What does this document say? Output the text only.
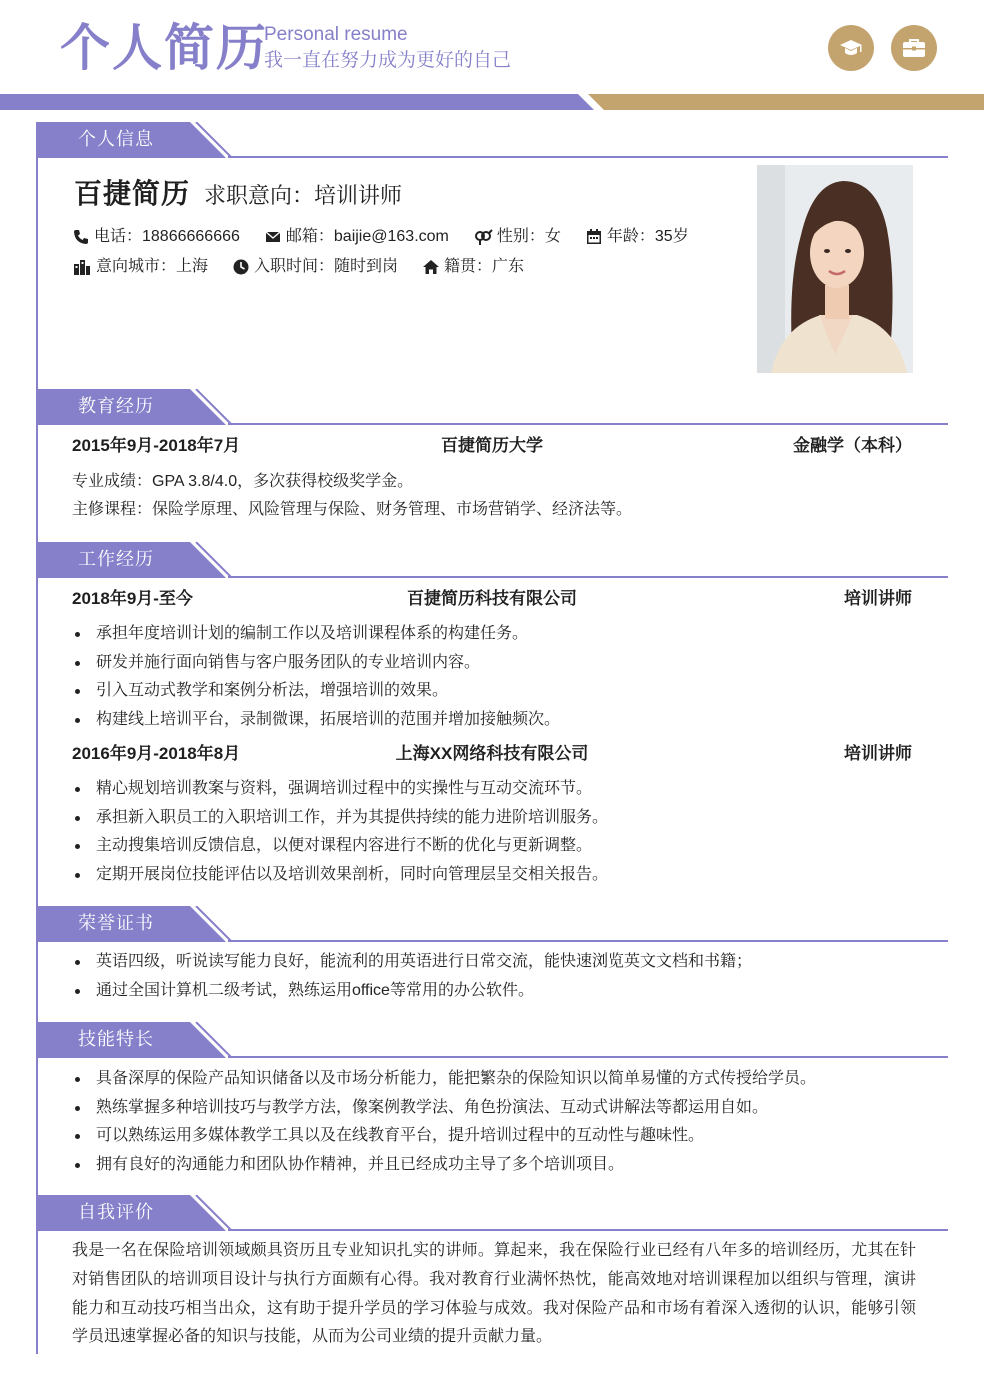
个人简历
Personal resume
我一直在努力成为更好的自己
个人信息
百捷简历 求职意向： 培训讲师
电话：18866666666	邮箱：baijie@163.com	性别：女	年龄：35岁
意向城市：上海	入职时间：随时到岗	籍贯：广东
教育经历
2015年9月-2018年7月	百捷简历大学	金融学（本科）
专业成绩：GPA 3.8/4.0，多次获得校级奖学金。
主修课程：保险学原理、风险管理与保险、财务管理、市场营销学、经济法等。
工作经历
2018年9月-至今	百捷简历科技有限公司	培训讲师
承担年度培训计划的编制工作以及培训课程体系的构建任务。
研发并施行面向销售与客户服务团队的专业培训内容。
引入互动式教学和案例分析法，增强培训的效果。
构建线上培训平台，录制微课，拓展培训的范围并增加接触频次。
2016年9月-2018年8月	上海XX网络科技有限公司	培训讲师
精心规划培训教案与资料，强调培训过程中的实操性与互动交流环节。
承担新入职员工的入职培训工作，并为其提供持续的能力进阶培训服务。
主动搜集培训反馈信息，以便对课程内容进行不断的优化与更新调整。
定期开展岗位技能评估以及培训效果剖析，同时向管理层呈交相关报告。
荣誉证书
英语四级，听说读写能力良好，能流利的用英语进行日常交流，能快速浏览英文文档和书籍；
通过全国计算机二级考试，熟练运用office等常用的办公软件。
技能特长
具备深厚的保险产品知识储备以及市场分析能力，能把繁杂的保险知识以简单易懂的方式传授给学员。
熟练掌握多种培训技巧与教学方法，像案例教学法、角色扮演法、互动式讲解法等都运用自如。
可以熟练运用多媒体教学工具以及在线教育平台，提升培训过程中的互动性与趣味性。
拥有良好的沟通能力和团队协作精神，并且已经成功主导了多个培训项目。
自我评价
我是一名在保险培训领域颇具资历且专业知识扎实的讲师。算起来，我在保险行业已经有八年多的培训经历，尤其在针对销售团队的培训项目设计与执行方面颇有心得。我对教育行业满怀热忱，能高效地对培训课程加以组织与管理，演讲能力和互动技巧相当出众，这有助于提升学员的学习体验与成效。我对保险产品和市场有着深入透彻的认识，能够引领学员迅速掌握必备的知识与技能，从而为公司业绩的提升贡献力量。
